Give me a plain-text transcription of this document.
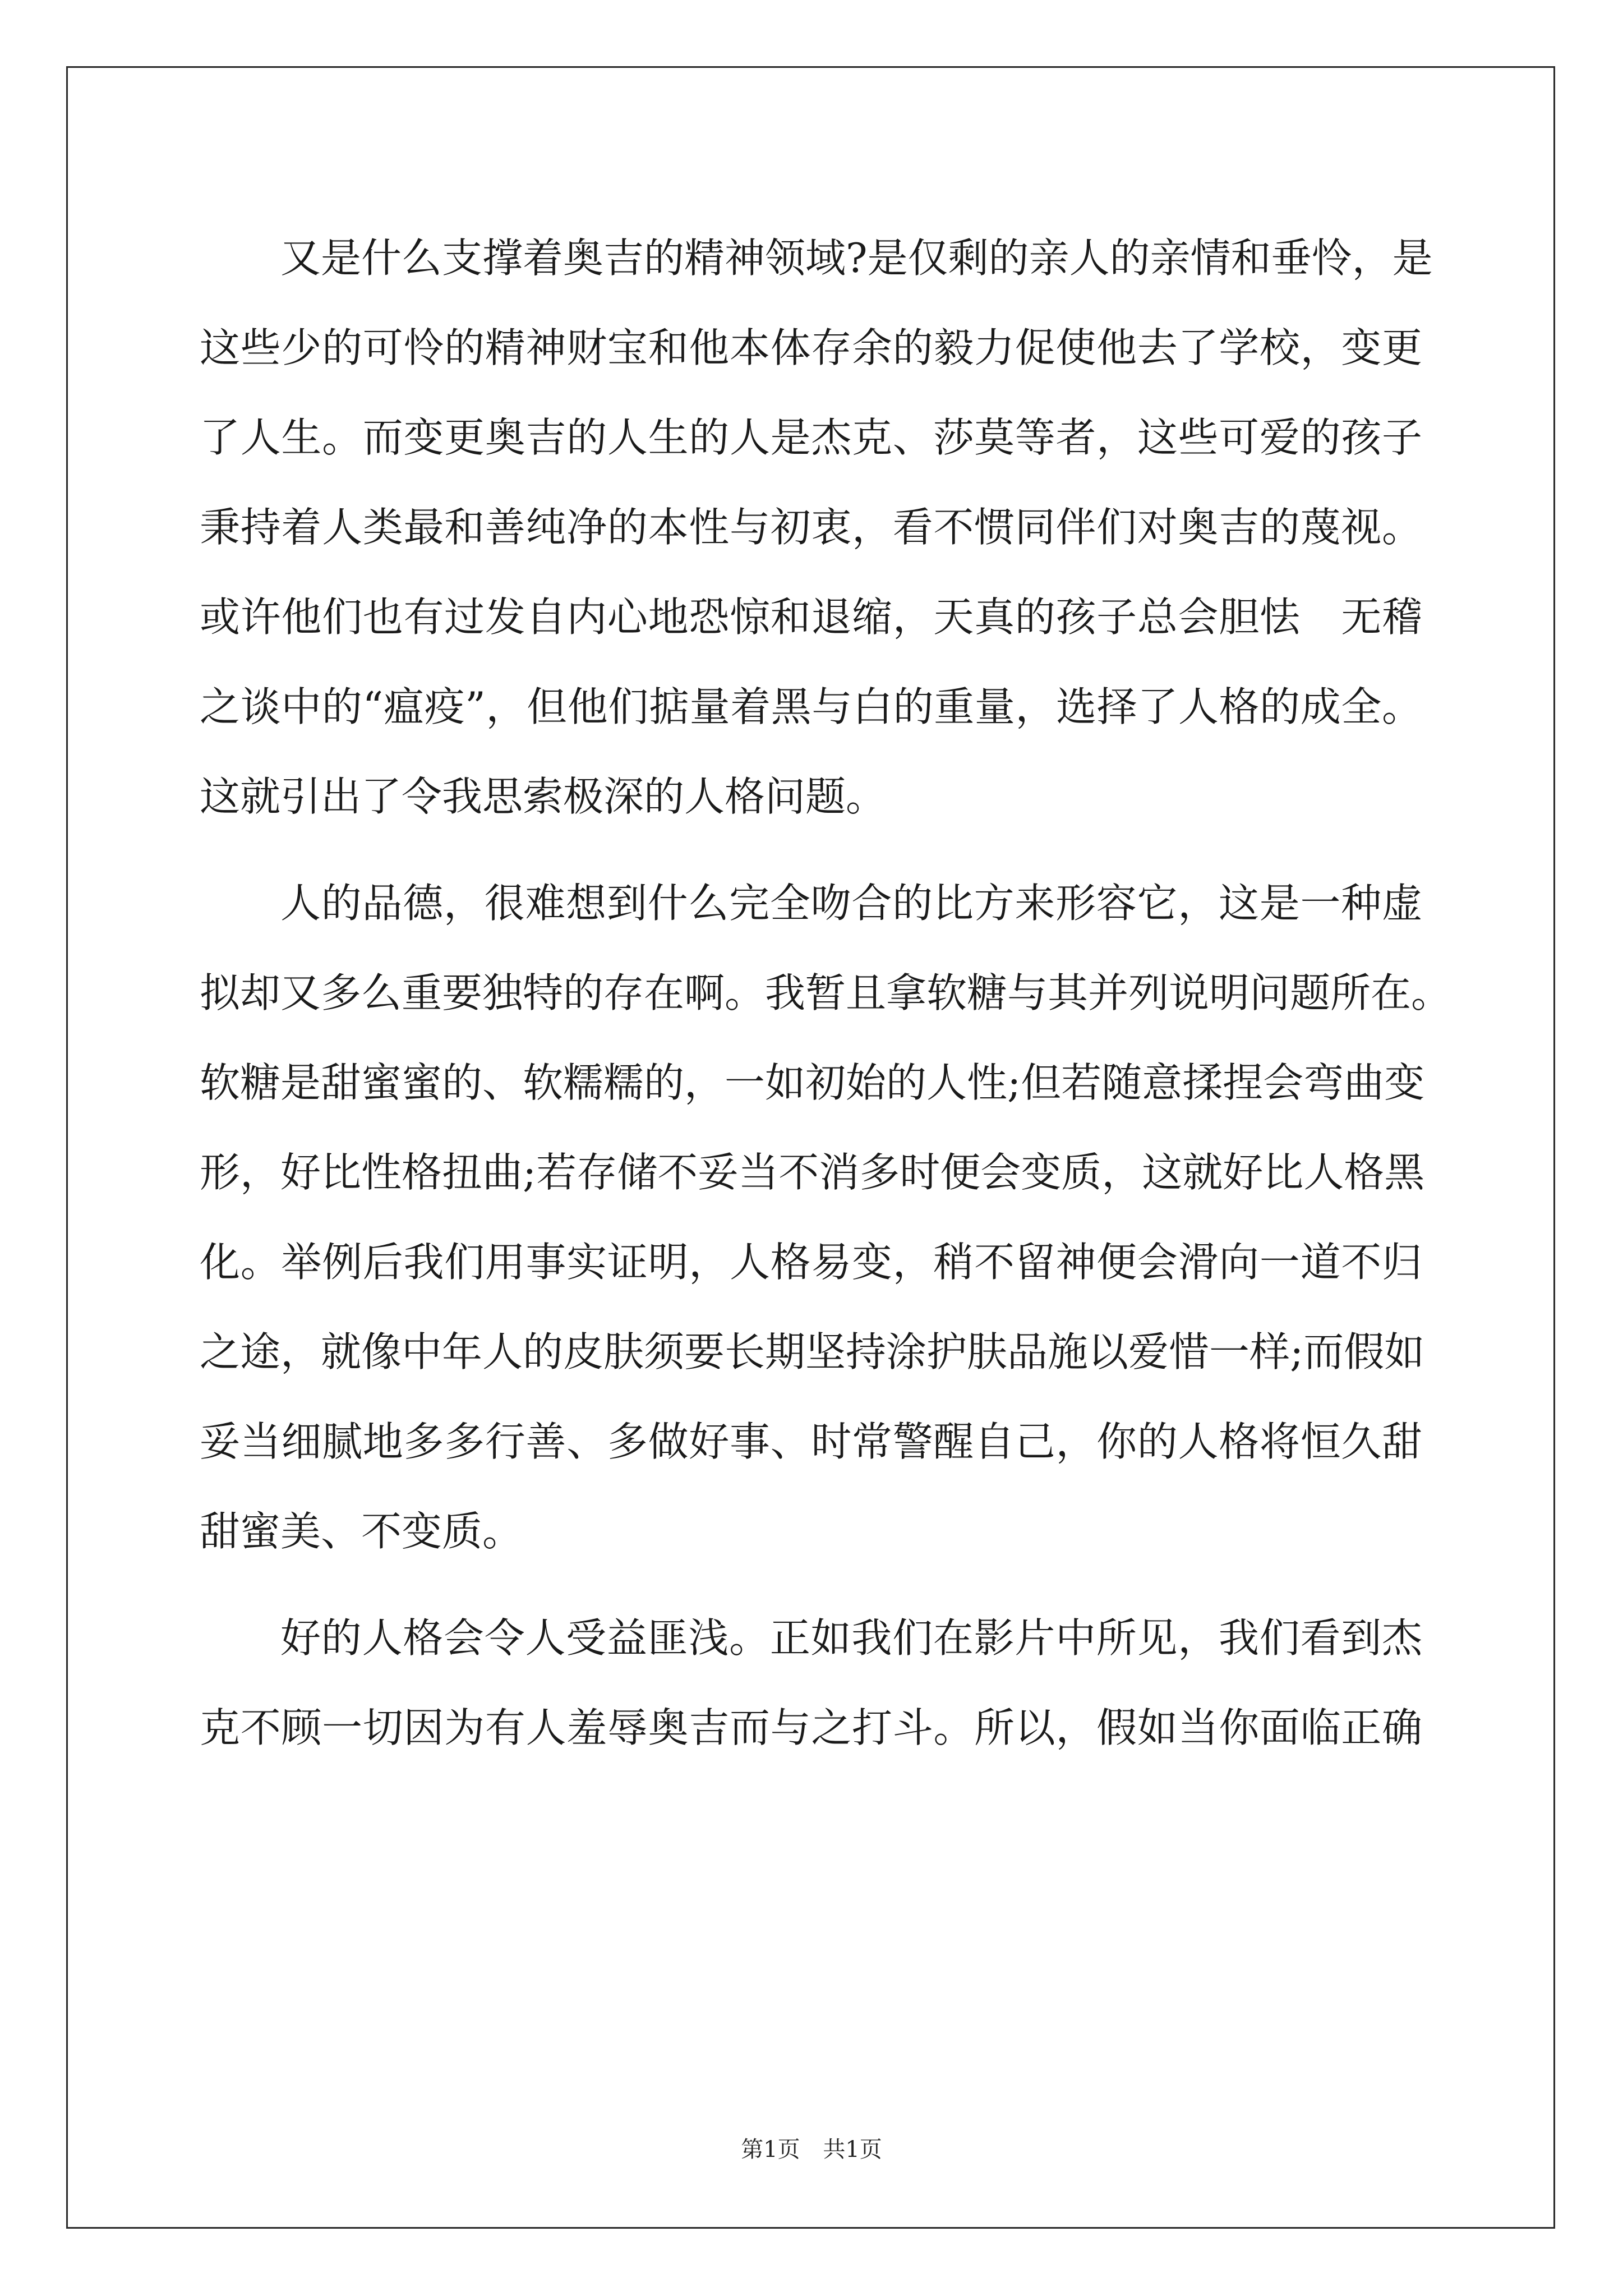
又是什么支撑着奥吉的精神领域?是仅剩的亲人的亲情和垂怜，是
这些少的可怜的精神财宝和他本体存余的毅力促使他去了学校，变更
了人生。而变更奥吉的人生的人是杰克、莎莫等者，这些可爱的孩子
秉持着人类最和善纯净的本性与初衷，看不惯同伴们对奥吉的蔑视。
或许他们也有过发自内心地恐惊和退缩，天真的孩子总会胆怯　无稽
之谈中的“瘟疫”，但他们掂量着黑与白的重量，选择了人格的成全。
这就引出了令我思索极深的人格问题。
人的品德，很难想到什么完全吻合的比方来形容它，这是一种虚
拟却又多么重要独特的存在啊。我暂且拿软糖与其并列说明问题所在。
软糖是甜蜜蜜的、软糯糯的，一如初始的人性;但若随意揉捏会弯曲变
形，好比性格扭曲;若存储不妥当不消多时便会变质，这就好比人格黑
化。举例后我们用事实证明，人格易变，稍不留神便会滑向一道不归
之途，就像中年人的皮肤须要长期坚持涂护肤品施以爱惜一样;而假如
妥当细腻地多多行善、多做好事、时常警醒自己，你的人格将恒久甜
甜蜜美、不变质。
好的人格会令人受益匪浅。正如我们在影片中所见，我们看到杰
克不顾一切因为有人羞辱奥吉而与之打斗。所以，假如当你面临正确
第1页 共1页
